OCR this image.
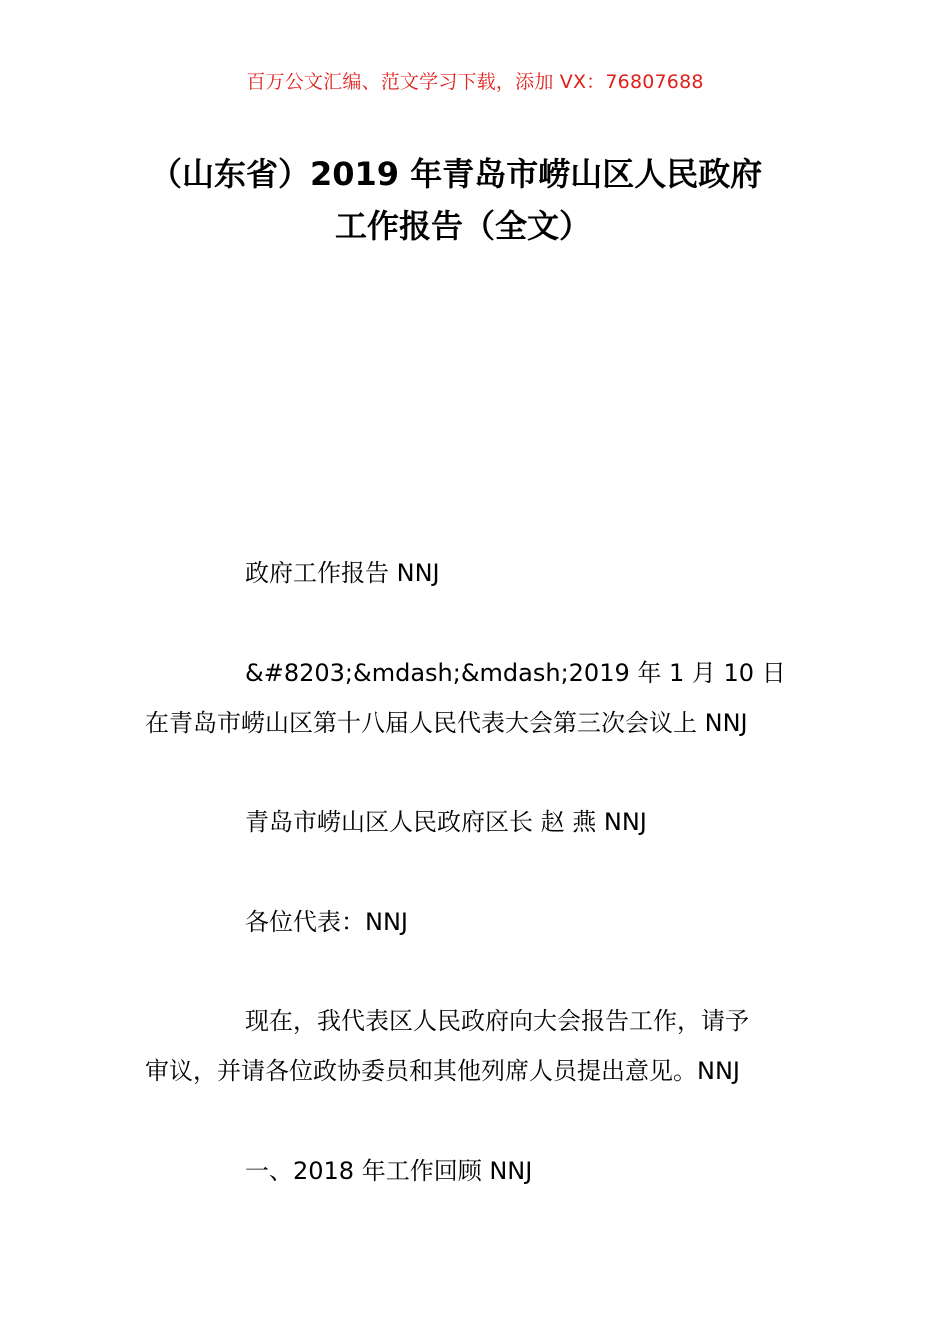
百万公文汇编、范文学习下载，添加 VX：76807688
（山东省）2019 年青岛市崂山区人民政府
工作报告（全文）
政府工作报告 NNJ
&#8203;&mdash;&mdash;2019 年 1 月 10 日
在青岛市崂山区第十八届人民代表大会第三次会议上 NNJ
青岛市崂山区人民政府区长 赵 燕 NNJ
各位代表：NNJ
现在，我代表区人民政府向大会报告工作，请予
审议，并请各位政协委员和其他列席人员提出意见。NNJ
一、2018 年工作回顾 NNJ
